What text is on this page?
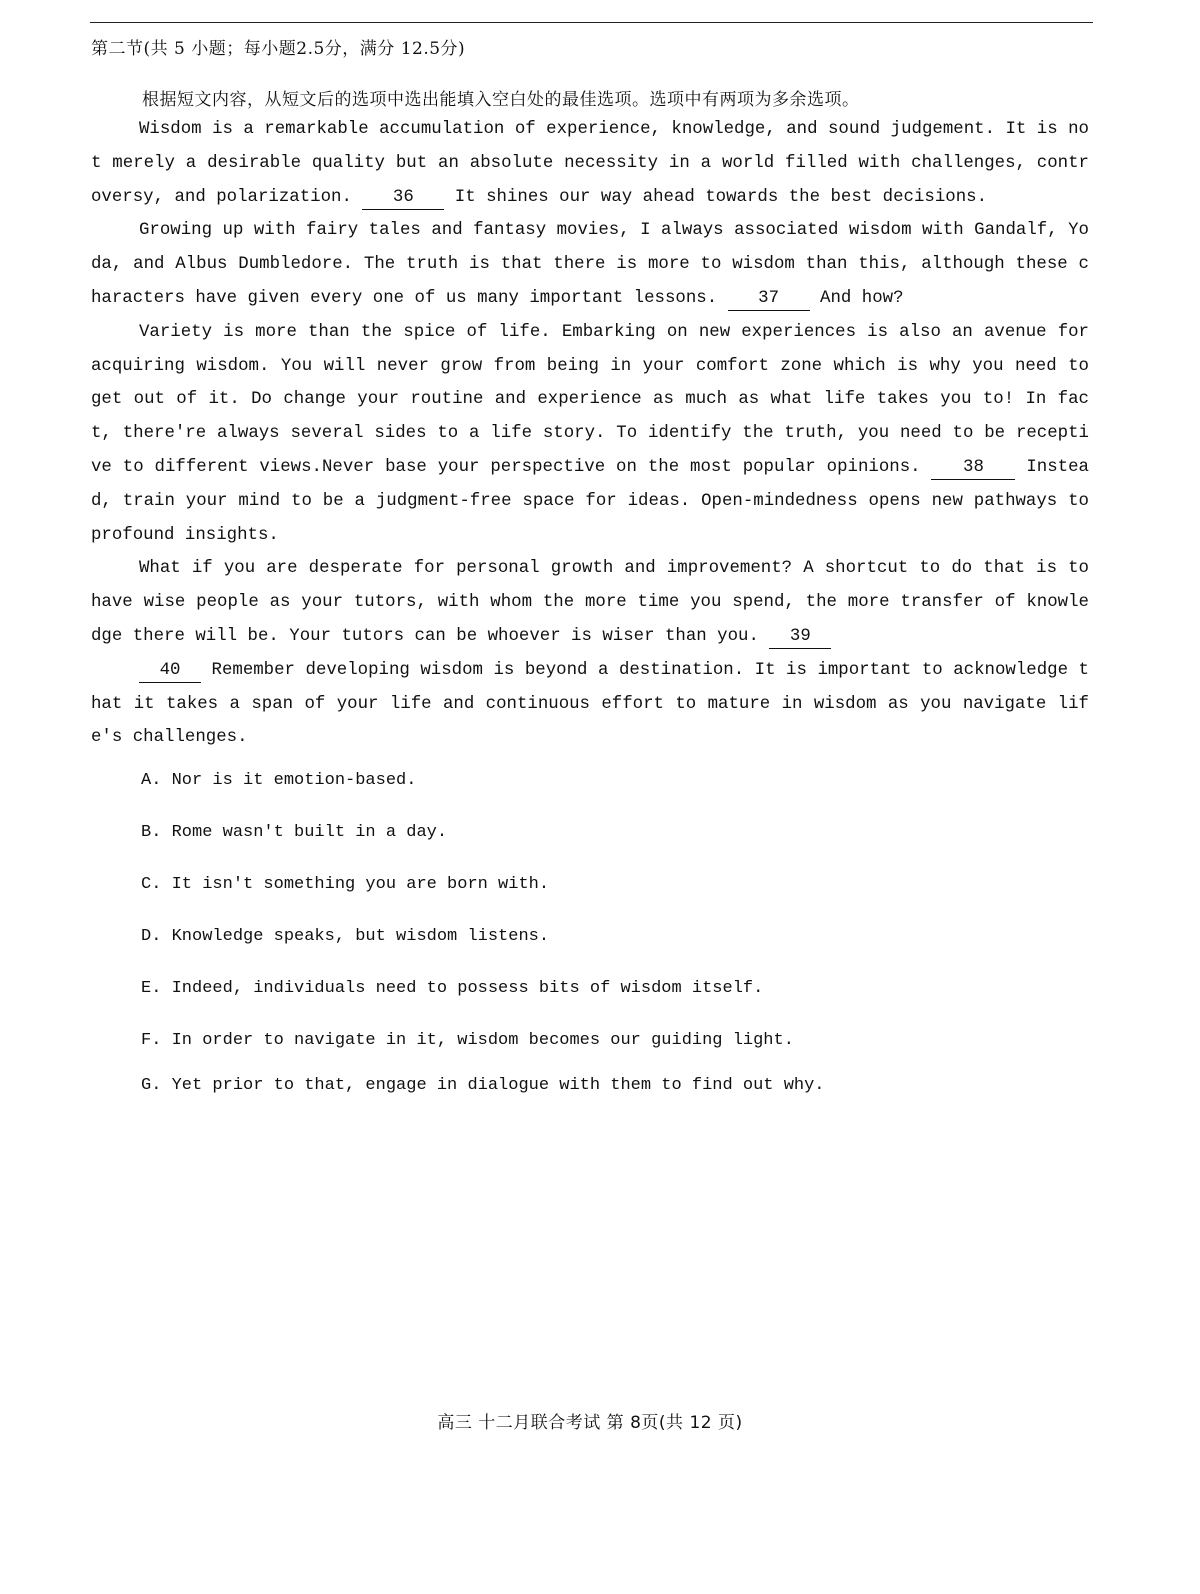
第二节(共 5 小题；每小题2.5分，满分 12.5分)
根据短文内容，从短文后的选项中选出能填入空白处的最佳选项。选项中有两项为多余选项。

Wisdom is a remarkable accumulation of experience, knowledge, and sound judgement. It is not merely a desirable quality but an absolute necessity in a world filled with challenges, controversy, and polarization. 36 It shines our way ahead towards the best decisions.

Growing up with fairy tales and fantasy movies, I always associated wisdom with Gandalf, Yoda, and Albus Dumbledore. The truth is that there is more to wisdom than this, although these characters have given every one of us many important lessons. 37 And how?

Variety is more than the spice of life. Embarking on new experiences is also an avenue for acquiring wisdom. You will never grow from being in your comfort zone which is why you need to get out of it. Do change your routine and experience as much as what life takes you to! In fact, there're always several sides to a life story. To identify the truth, you need to be receptive to different views.Never base your perspective on the most popular opinions. 38 Instead, train your mind to be a judgment-free space for ideas. Open-mindedness opens new pathways to profound insights.

What if you are desperate for personal growth and improvement? A shortcut to do that is to have wise people as your tutors, with whom the more time you spend, the more transfer of knowledge there will be. Your tutors can be whoever is wiser than you. 39

40 Remember developing wisdom is beyond a destination. It is important to acknowledge that it takes a span of your life and continuous effort to mature in wisdom as you navigate life's challenges.

A. Nor is it emotion-based.
B. Rome wasn't built in a day.
C. It isn't something you are born with.
D. Knowledge speaks, but wisdom listens.
E. Indeed, individuals need to possess bits of wisdom itself.
F. In order to navigate in it, wisdom becomes our guiding light.
G. Yet prior to that, engage in dialogue with them to find out why.
高三 十二月联合考试 第 8页(共 12 页)
